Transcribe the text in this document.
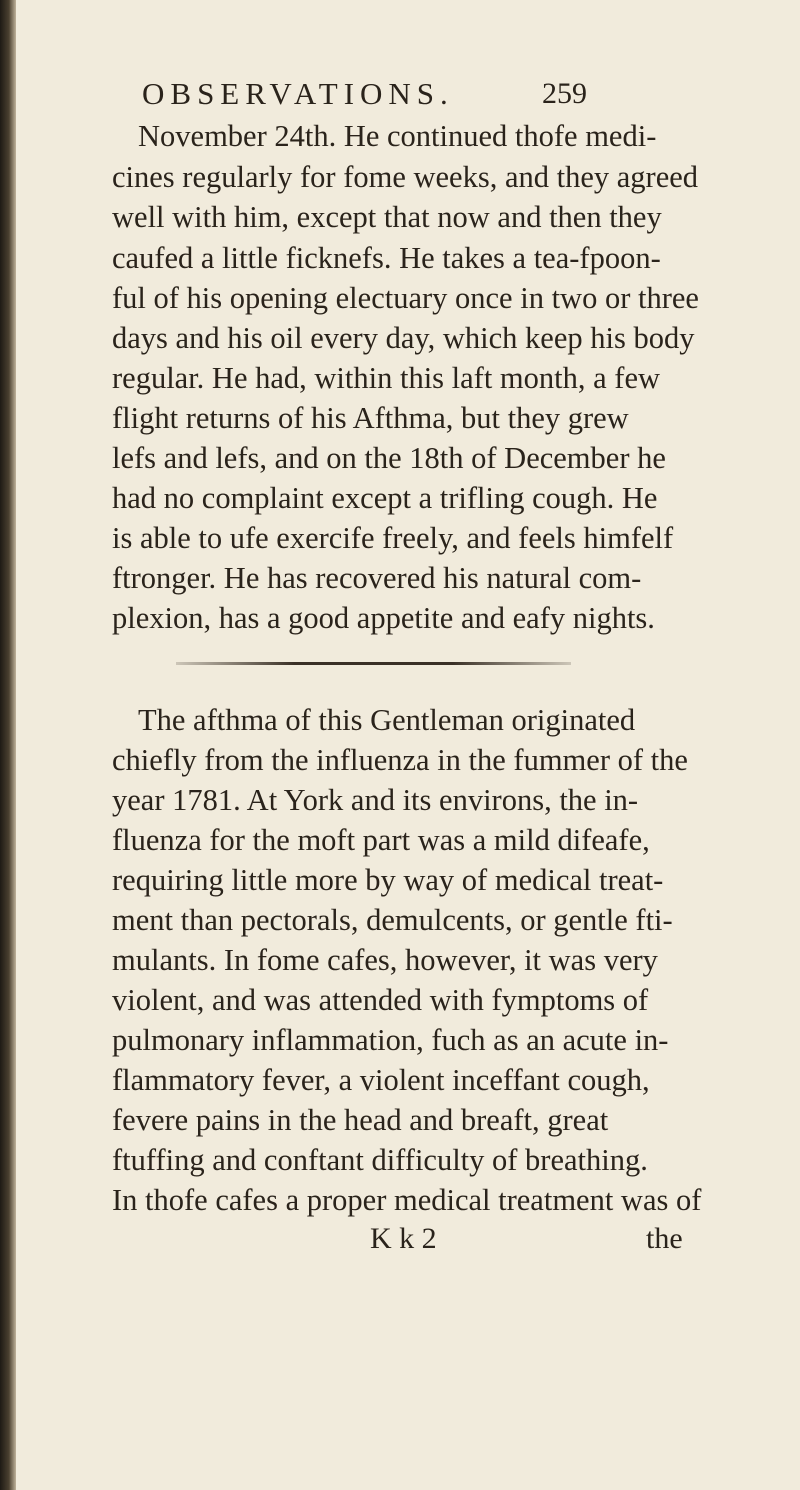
OBSERVATIONS.	259
November 24th. He continued thofe medi-
cines regularly for fome weeks, and they agreed
well with him, except that now and then they
caufed a little ficknefs. He takes a tea-fpoon-
ful of his opening electuary once in two or three
days and his oil every day, which keep his body
regular. He had, within this laft month, a few
flight returns of his Afthma, but they grew
lefs and lefs, and on the 18th of December he
had no complaint except a trifling cough. He
is able to ufe exercife freely, and feels himfelf
ftronger. He has recovered his natural com-
plexion, has a good appetite and eafy nights.
The afthma of this Gentleman originated
chiefly from the influenza in the fummer of the
year 1781. At York and its environs, the in-
fluenza for the moft part was a mild difeafe,
requiring little more by way of medical treat-
ment than pectorals, demulcents, or gentle fti-
mulants. In fome cafes, however, it was very
violent, and was attended with fymptoms of
pulmonary inflammation, fuch as an acute in-
flammatory fever, a violent inceffant cough,
fevere pains in the head and breaft, great
ftuffing and conftant difficulty of breathing.
In thofe cafes a proper medical treatment was of
K k 2	the
